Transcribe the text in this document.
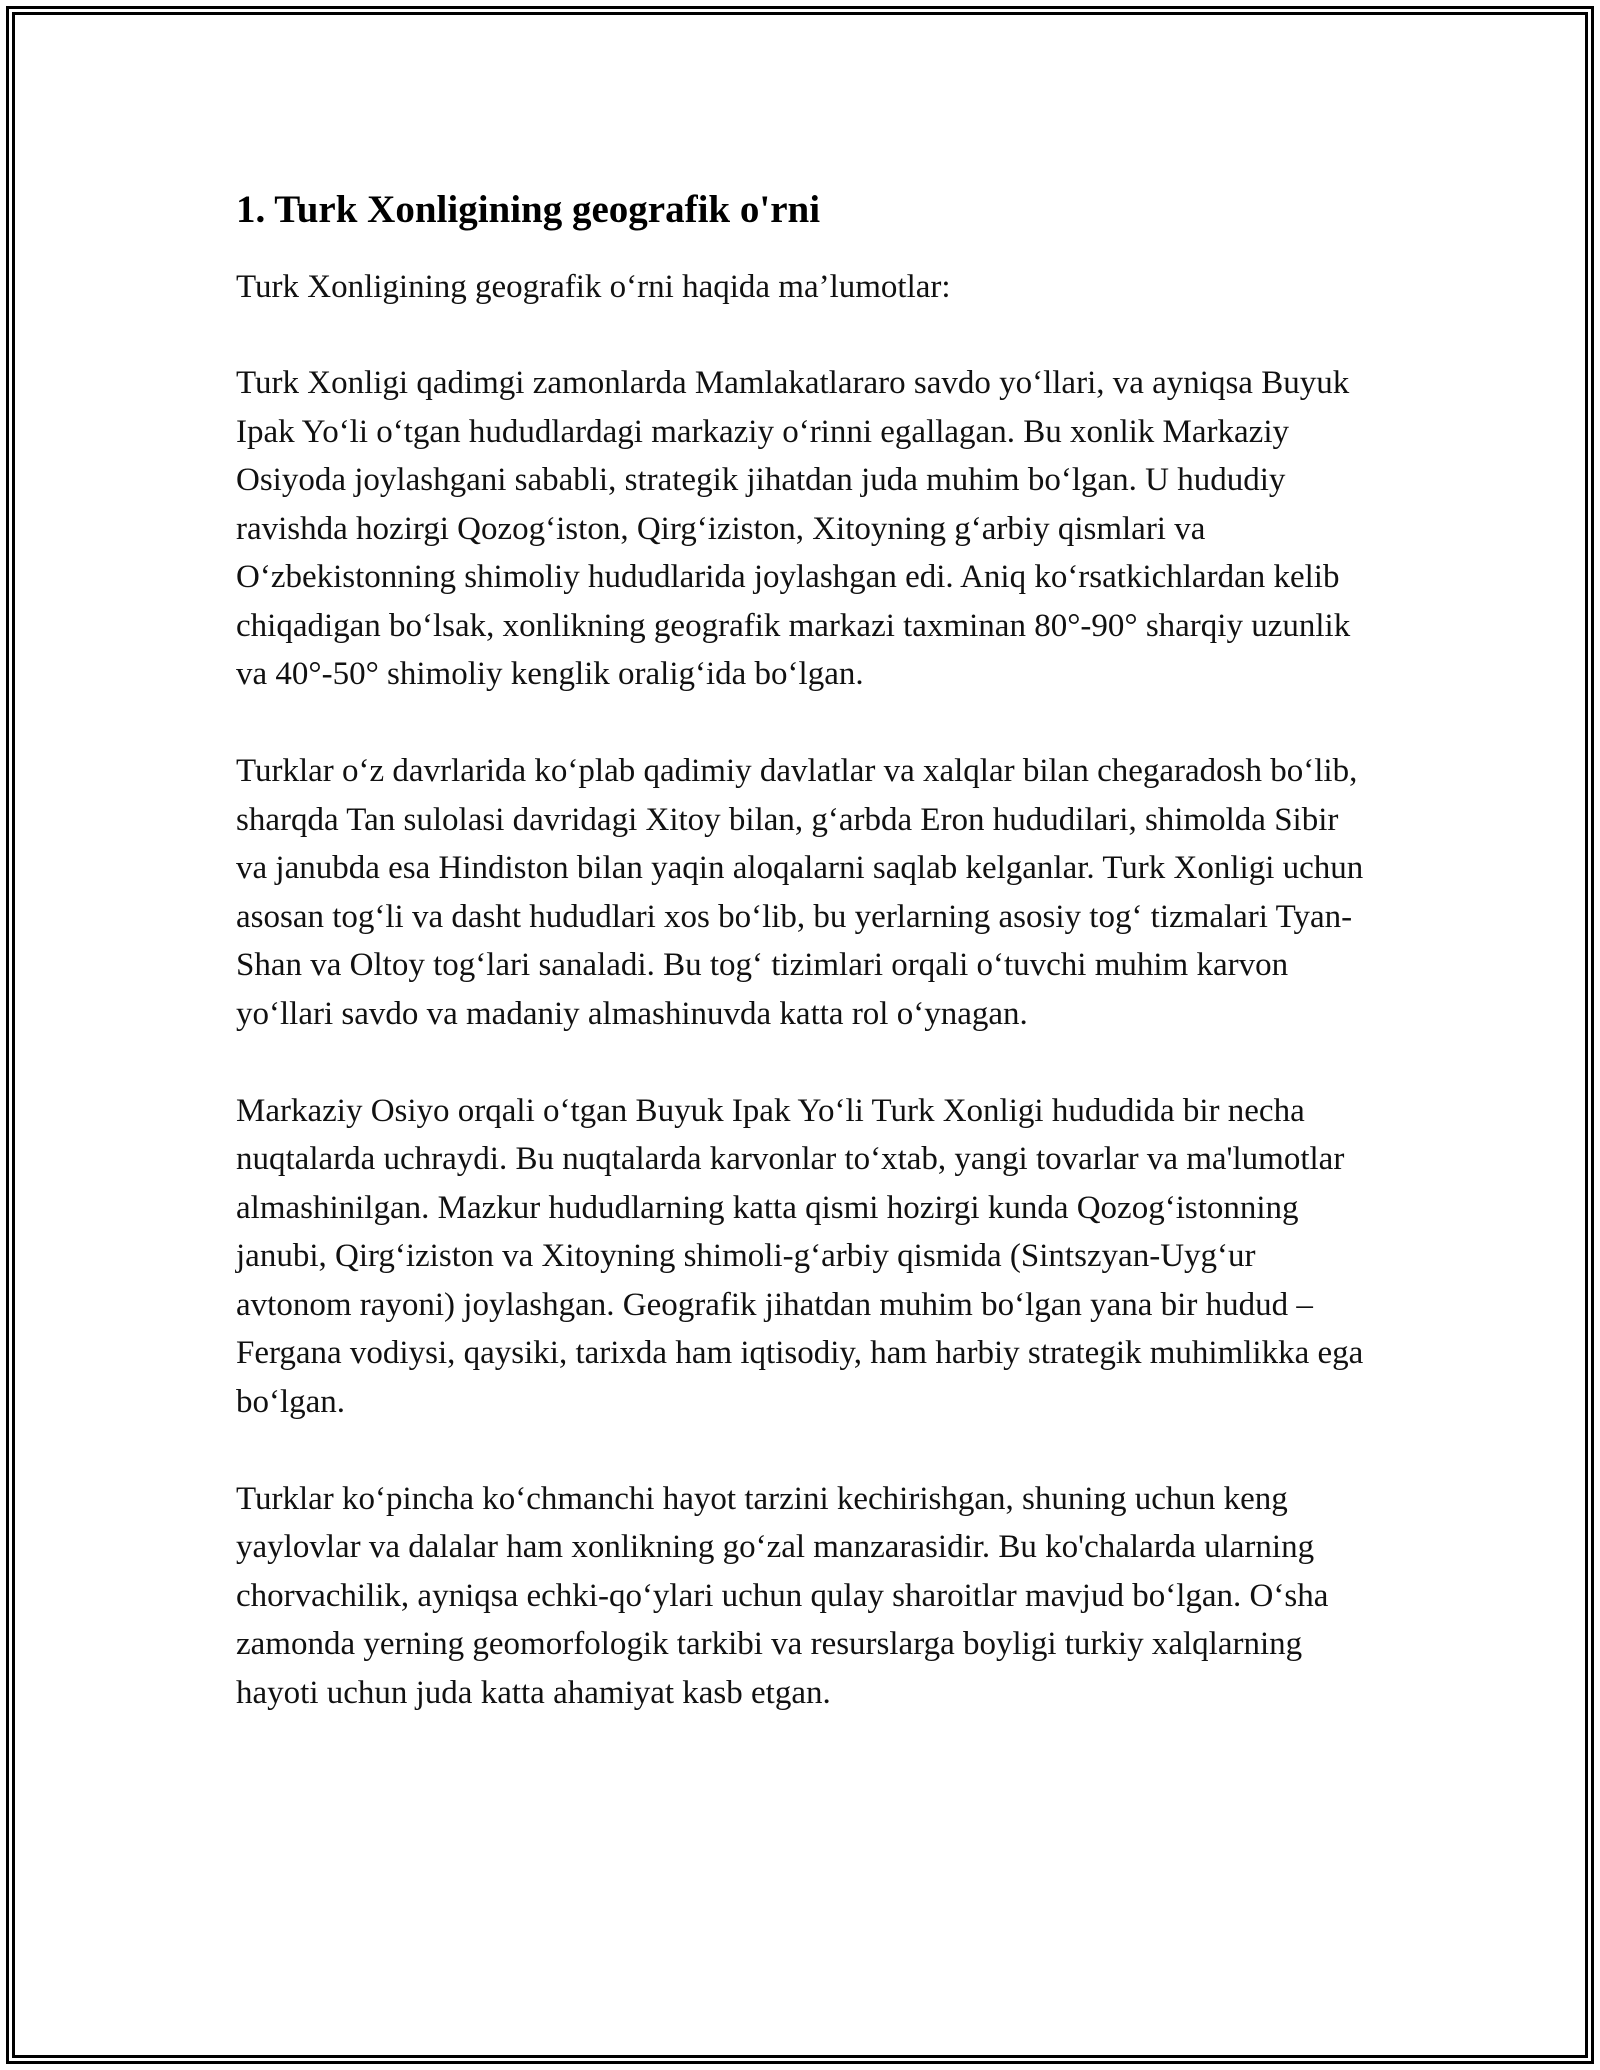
1. Turk Xonligining geografik o'rni

Turk Xonligining geografik o‘rni haqida ma’lumotlar:

Turk Xonligi qadimgi zamonlarda Mamlakatlararo savdo yo‘llari, va ayniqsa Buyuk Ipak Yo‘li o‘tgan hududlardagi markaziy o‘rinni egallagan. Bu xonlik Markaziy Osiyoda joylashgani sababli, strategik jihatdan juda muhim bo‘lgan. U hududiy ravishda hozirgi Qozog‘iston, Qirg‘iziston, Xitoyning g‘arbiy qismlari va O‘zbekistonning shimoliy hududlarida joylashgan edi. Aniq ko‘rsatkichlardan kelib chiqadigan bo‘lsak, xonlikning geografik markazi taxminan 80°-90° sharqiy uzunlik va 40°-50° shimoliy kenglik oralig‘ida bo‘lgan.

Turklar o‘z davrlarida ko‘plab qadimiy davlatlar va xalqlar bilan chegaradosh bo‘lib, sharqda Tan sulolasi davridagi Xitoy bilan, g‘arbda Eron hududilari, shimolda Sibir va janubda esa Hindiston bilan yaqin aloqalarni saqlab kelganlar. Turk Xonligi uchun asosan tog‘li va dasht hududlari xos bo‘lib, bu yerlarning asosiy tog‘ tizmalari Tyan-Shan va Oltoy tog‘lari sanaladi. Bu tog‘ tizimlari orqali o‘tuvchi muhim karvon yo‘llari savdo va madaniy almashinuvda katta rol o‘ynagan.

Markaziy Osiyo orqali o‘tgan Buyuk Ipak Yo‘li Turk Xonligi hududida bir necha nuqtalarda uchraydi. Bu nuqtalarda karvonlar to‘xtab, yangi tovarlar va ma'lumotlar almashinilgan. Mazkur hududlarning katta qismi hozirgi kunda Qozog‘istonning janubi, Qirg‘iziston va Xitoyning shimoli-g‘arbiy qismida (Sintszyan-Uyg‘ur avtonom rayoni) joylashgan. Geografik jihatdan muhim bo‘lgan yana bir hudud – Fergana vodiysi, qaysiki, tarixda ham iqtisodiy, ham harbiy strategik muhimlikka ega bo‘lgan.

Turklar ko‘pincha ko‘chmanchi hayot tarzini kechirishgan, shuning uchun keng yaylovlar va dalalar ham xonlikning go‘zal manzarasidir. Bu ko'chalarda ularning chorvachilik, ayniqsa echki-qo‘ylari uchun qulay sharoitlar mavjud bo‘lgan. O‘sha zamonda yerning geomorfologik tarkibi va resurslarga boyligi turkiy xalqlarning hayoti uchun juda katta ahamiyat kasb etgan.
